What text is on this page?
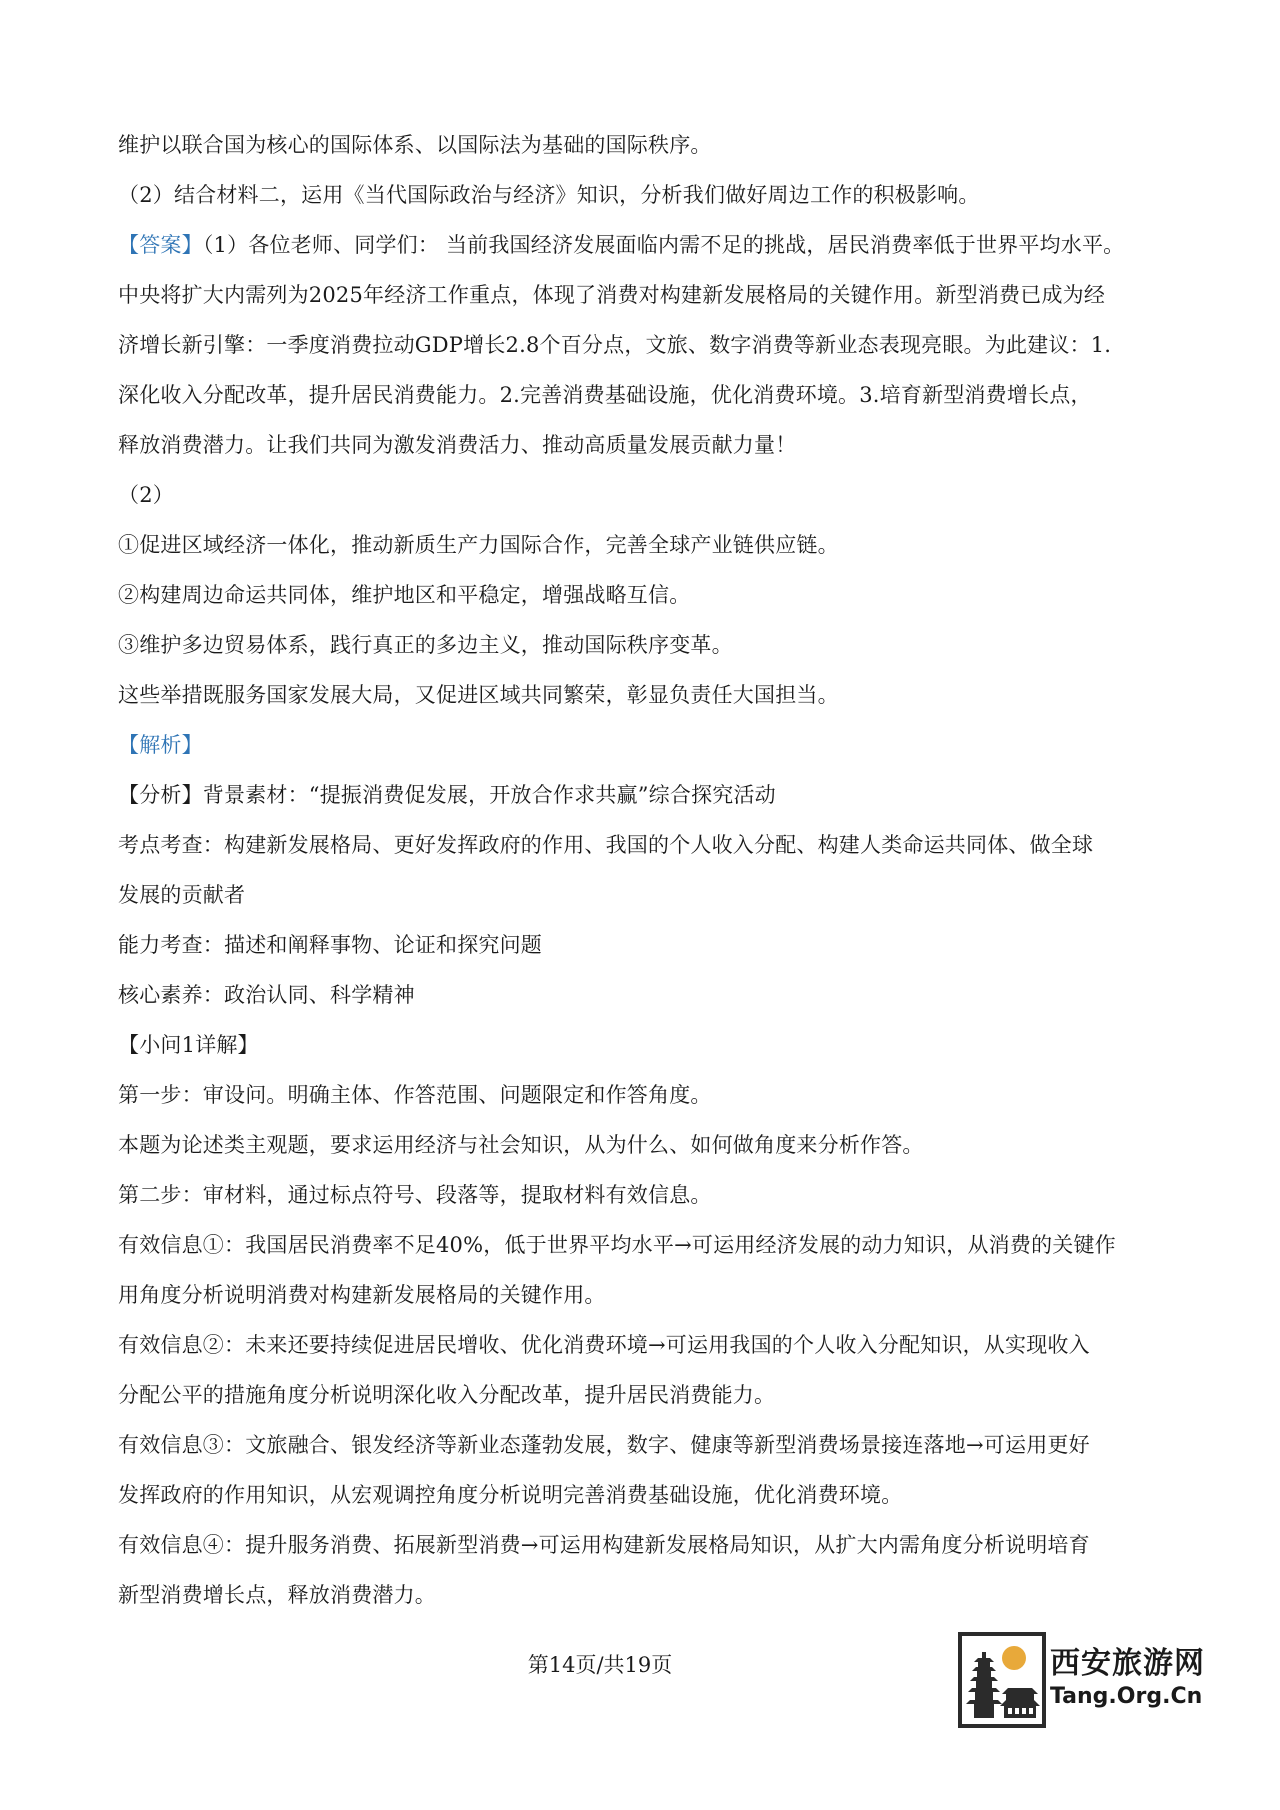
维护以联合国为核心的国际体系、以国际法为基础的国际秩序。
（2）结合材料二，运用《当代国际政治与经济》知识，分析我们做好周边工作的积极影响。
【答案】（1）各位老师、同学们： 当前我国经济发展面临内需不足的挑战，居民消费率低于世界平均水平。
中央将扩大内需列为2025年经济工作重点，体现了消费对构建新发展格局的关键作用。新型消费已成为经
济增长新引擎：一季度消费拉动GDP增长2.8个百分点，文旅、数字消费等新业态表现亮眼。为此建议：1.
深化收入分配改革，提升居民消费能力。2.完善消费基础设施，优化消费环境。3.培育新型消费增长点，
释放消费潜力。让我们共同为激发消费活力、推动高质量发展贡献力量！
（2）
①促进区域经济一体化，推动新质生产力国际合作，完善全球产业链供应链。
②构建周边命运共同体，维护地区和平稳定，增强战略互信。
③维护多边贸易体系，践行真正的多边主义，推动国际秩序变革。
这些举措既服务国家发展大局，又促进区域共同繁荣，彰显负责任大国担当。
【解析】
【分析】背景素材：“提振消费促发展，开放合作求共赢”综合探究活动
考点考查：构建新发展格局、更好发挥政府的作用、我国的个人收入分配、构建人类命运共同体、做全球
发展的贡献者
能力考查：描述和阐释事物、论证和探究问题
核心素养：政治认同、科学精神
【小问1详解】
第一步：审设问。明确主体、作答范围、问题限定和作答角度。
本题为论述类主观题，要求运用经济与社会知识，从为什么、如何做角度来分析作答。
第二步：审材料，通过标点符号、段落等，提取材料有效信息。
有效信息①：我国居民消费率不足40%，低于世界平均水平→可运用经济发展的动力知识，从消费的关键作
用角度分析说明消费对构建新发展格局的关键作用。
有效信息②：未来还要持续促进居民增收、优化消费环境→可运用我国的个人收入分配知识，从实现收入
分配公平的措施角度分析说明深化收入分配改革，提升居民消费能力。
有效信息③：文旅融合、银发经济等新业态蓬勃发展，数字、健康等新型消费场景接连落地→可运用更好
发挥政府的作用知识，从宏观调控角度分析说明完善消费基础设施，优化消费环境。
有效信息④：提升服务消费、拓展新型消费→可运用构建新发展格局知识，从扩大内需角度分析说明培育
新型消费增长点，释放消费潜力。
第14页/共19页	西安旅游网
Tang.Org.Cn
